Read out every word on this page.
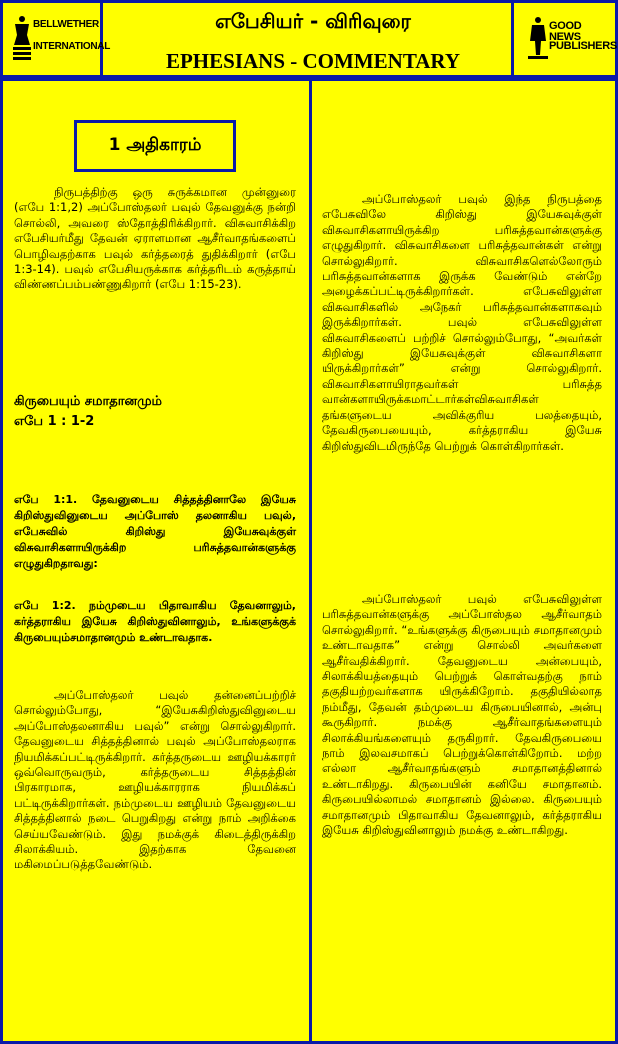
BELLWETHER
INTERNATIONAL
எபேசியர் - விரிவுரை
EPHESIANS - COMMENTARY
GOOD NEWS
PUBLISHERS
1 அதிகாரம்

நிருபத்திற்கு ஒரு சுருக்கமான முன்னுரை (எபே 1:1,2) அப்போஸ்தலர் பவுல் தேவனுக்கு நன்றி சொல்லி, அவரை ஸ்தோத்திரிக்கிறார். விசுவாசிக்கிற எபேசியர்மீது தேவன் ஏராளமான ஆசீர்வாதங்களைப் பொழிவதற்காக பவுல் கர்த்தரைத் துதிக்கிறார் (எபே 1:3-14). பவுல் எபேசியருக்காக கர்த்தரிடம் கருத்தாய் விண்ணப்பம்பண்ணுகிறார் (எபே 1:15-23).

கிருபையும் சமாதானமும்
எபே 1 : 1-2

எபே 1:1. தேவனுடைய சித்தத்தினாலே இயேசு கிறிஸ்துவினுடைய அப்போஸ் தலனாகிய பவுல், எபேசுவில் கிறிஸ்து இயேசுவுக்குள் விசுவாசிகளாயிருக்கிற பரிசுத்தவான்களுக்கு எழுதுகிறதாவது:

எபே 1:2. நம்முடைய பிதாவாகிய தேவனாலும், கர்த்தராகிய இயேசு கிறிஸ்துவினாலும், உங்களுக்குக் கிருபையும்சமாதானமும் உண்டாவதாக.

அப்போஸ்தலர் பவுல் தன்னைப்பற்றிச் சொல்லும்போது, “இயேசுகிறிஸ்துவினுடைய அப்போஸ்தலனாகிய பவுல்” என்று சொல்லுகிறார். தேவனுடைய சித்தத்தினால் பவுல் அப்போஸ்தலராக நியமிக்கப்பட்டிருக்கிறார். கர்த்தருடைய ஊழியக்காரர் ஒவ்வொருவரும், கர்த்தருடைய சித்தத்தின் பிரகாரமாக, ஊழியக்காரராக நியமிக்கப் பட்டிருக்கிறார்கள். நம்முடைய ஊழியம் தேவனுடைய சித்தத்தினால் நடை பெறுகிறது என்று நாம் அறிக்கை செய்யவேண்டும். இது நமக்குக் கிடைத்திருக்கிற சிலாக்கியம். இதற்காக தேவனை மகிமைப்படுத்தவேண்டும்.

அப்போஸ்தலர் பவுல் இந்த நிருபத்தை எபேசுவிலே கிறிஸ்து இயேசுவுக்குள் விசுவாசிகளாயிருக்கிற பரிசுத்தவான்களுக்கு எழுதுகிறார். விசுவாசிகளை பரிசுத்தவான்கள் என்று சொல்லுகிறார். விசுவாசிகளெல்லோரும் பரிசுத்தவான்களாக இருக்க வேண்டும் என்றே அழைக்கப்பட்டிருக்கிறார்கள். எபேசுவிலுள்ள விசுவாசிகளில் அநேகர் பரிசுத்தவான்களாகவும் இருக்கிறார்கள். பவுல் எபேசுவிலுள்ள விசுவாசிகளைப் பற்றிச் சொல்லும்போது, “அவர்கள் கிறிஸ்து இயேசுவுக்குள் விசுவாசிகளா யிருக்கிறார்கள்” என்று சொல்லுகிறார். விசுவாசிகளாயிராதவர்கள் பரிசுத்த வான்களாயிருக்கமாட்டார்கள்விசுவாசிகள் தங்களுடைய அவிக்குரிய பலத்தையும், தேவகிருபையையும், கர்த்தராகிய இயேசு கிறிஸ்துவிடமிருந்தே பெற்றுக் கொள்கிறார்கள்.

அப்போஸ்தலர் பவுல் எபேசுவிலுள்ள பரிசுத்தவான்களுக்கு அப்போஸ்தல ஆசீர்வாதம் சொல்லுகிறார். “உங்களுக்கு கிருபையும் சமாதானமும் உண்டாவதாக” என்று சொல்லி அவர்களை ஆசீர்வதிக்கிறார். தேவனுடைய அன்பையும், சிலாக்கியத்தையும் பெற்றுக் கொள்வதற்கு நாம் தகுதியற்றவர்களாக யிருக்கிறோம். தகுதியில்லாத நம்மீது, தேவன் தம்முடைய கிருபையினால், அன்பு கூருகிறார். நமக்கு ஆசீர்வாதங்களையும் சிலாக்கியங்களையும் தருகிறார். தேவகிருபையை நாம் இலவசமாகப் பெற்றுக்கொள்கிறோம். மற்ற எல்லா ஆசீர்வாதங்களும் சமாதானத்தினால் உண்டாகிறது. கிருபையின் கனியே சமாதானம். கிருபையில்லாமல் சமாதானம் இல்லை. கிருபையும் சமாதானமும் பிதாவாகிய தேவனாலும், கர்த்தராகிய இயேசு கிறிஸ்துவினாலும் நமக்கு உண்டாகிறது.
